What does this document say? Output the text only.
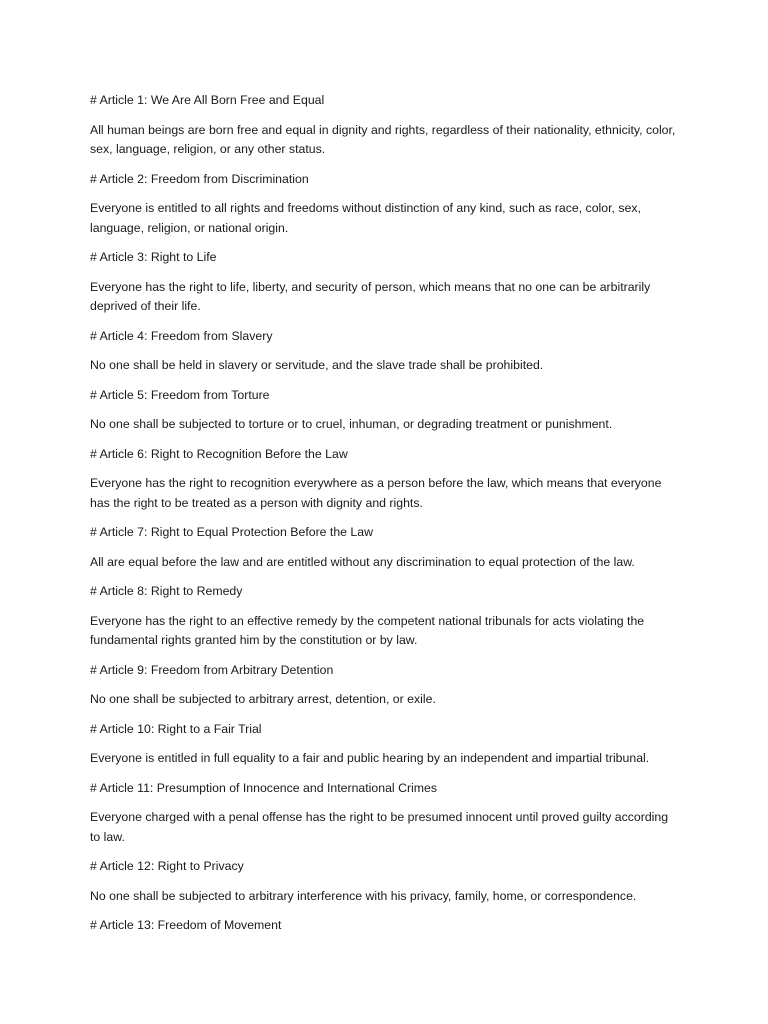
# Article 1: We Are All Born Free and Equal

All human beings are born free and equal in dignity and rights, regardless of their nationality, ethnicity, color, sex, language, religion, or any other status.

# Article 2: Freedom from Discrimination

Everyone is entitled to all rights and freedoms without distinction of any kind, such as race, color, sex, language, religion, or national origin.

# Article 3: Right to Life

Everyone has the right to life, liberty, and security of person, which means that no one can be arbitrarily deprived of their life.

# Article 4: Freedom from Slavery

No one shall be held in slavery or servitude, and the slave trade shall be prohibited.

# Article 5: Freedom from Torture

No one shall be subjected to torture or to cruel, inhuman, or degrading treatment or punishment.

# Article 6: Right to Recognition Before the Law

Everyone has the right to recognition everywhere as a person before the law, which means that everyone has the right to be treated as a person with dignity and rights.

# Article 7: Right to Equal Protection Before the Law

All are equal before the law and are entitled without any discrimination to equal protection of the law.

# Article 8: Right to Remedy

Everyone has the right to an effective remedy by the competent national tribunals for acts violating the fundamental rights granted him by the constitution or by law.

# Article 9: Freedom from Arbitrary Detention

No one shall be subjected to arbitrary arrest, detention, or exile.

# Article 10: Right to a Fair Trial

Everyone is entitled in full equality to a fair and public hearing by an independent and impartial tribunal.

# Article 11: Presumption of Innocence and International Crimes

Everyone charged with a penal offense has the right to be presumed innocent until proved guilty according to law.

# Article 12: Right to Privacy

No one shall be subjected to arbitrary interference with his privacy, family, home, or correspondence.

# Article 13: Freedom of Movement
